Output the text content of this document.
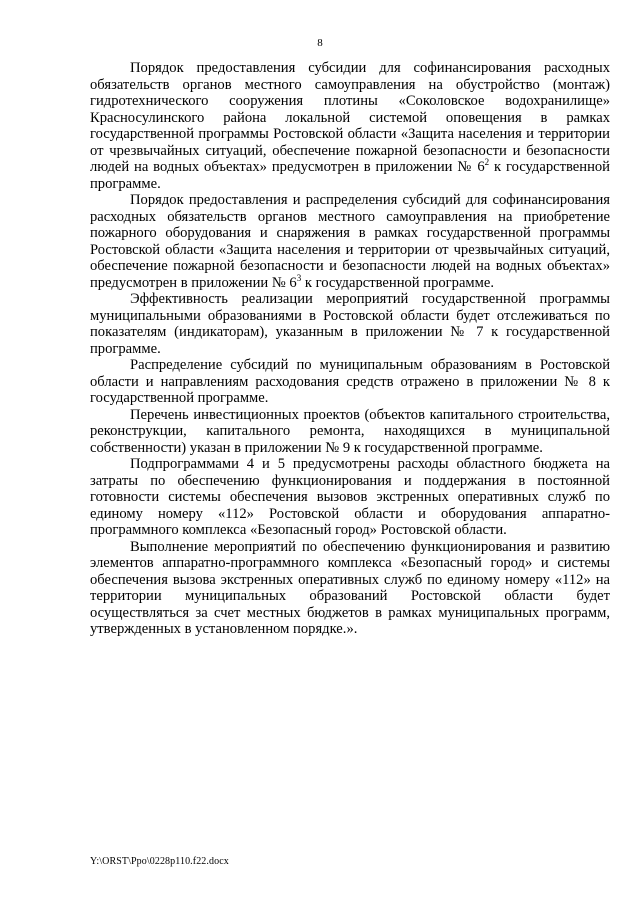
8

Порядок предоставления субсидии для софинансирования расходных обязательств органов местного самоуправления на обустройство (монтаж) гидротехнического сооружения плотины «Соколовское водохранилище» Красносулинского района локальной системой оповещения в рамках государственной программы Ростовской области «Защита населения и территории от чрезвычайных ситуаций, обеспечение пожарной безопасности и безопасности людей на водных объектах» предусмотрен в приложении № $6^2$ к государственной программе.

Порядок предоставления и распределения субсидий для софинансирования расходных обязательств органов местного самоуправления на приобретение пожарного оборудования и снаряжения в рамках государственной программы Ростовской области «Защита населения и территории от чрезвычайных ситуаций, обеспечение пожарной безопасности и безопасности людей на водных объектах» предусмотрен в приложении № $6^3$ к государственной программе.

Эффективность реализации мероприятий государственной программы муниципальными образованиями в Ростовской области будет отслеживаться по показателям (индикаторам), указанным в приложении № 7 к государственной программе.

Распределение субсидий по муниципальным образованиям в Ростовской области и направлениям расходования средств отражено в приложении № 8 к государственной программе.

Перечень инвестиционных проектов (объектов капитального строительства, реконструкции, капитального ремонта, находящихся в муниципальной собственности) указан в приложении № 9 к государственной программе.

Подпрограммами 4 и 5 предусмотрены расходы областного бюджета на затраты по обеспечению функционирования и поддержания в постоянной готовности системы обеспечения вызовов экстренных оперативных служб по единому номеру «112» Ростовской области и оборудования аппаратно-программного комплекса «Безопасный город» Ростовской области.

Выполнение мероприятий по обеспечению функционирования и развитию элементов аппаратно-программного комплекса «Безопасный город» и системы обеспечения вызова экстренных оперативных служб по единому номеру «112» на территории муниципальных образований Ростовской области будет осуществляться за счет местных бюджетов в рамках муниципальных программ, утвержденных в установленном порядке.».

Y:\ORST\Ppo\0228p110.f22.docx
